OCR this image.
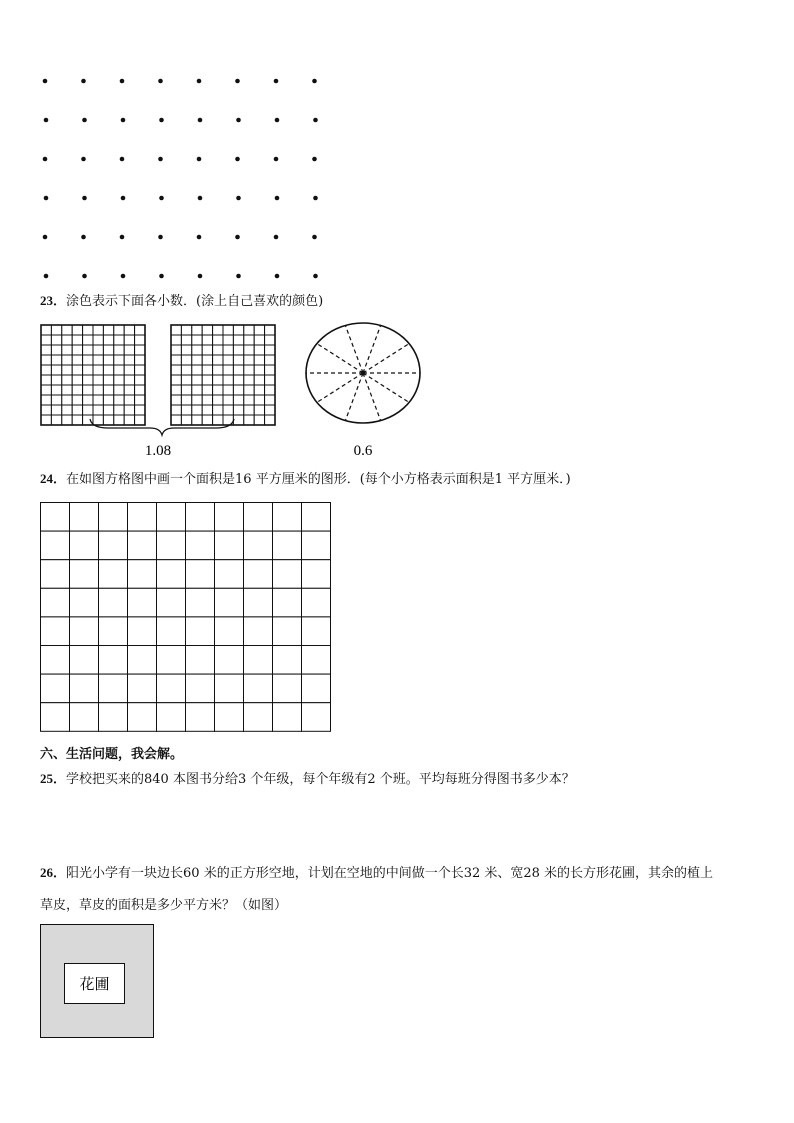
23．涂色表示下面各小数．(涂上自己喜欢的颜色)
1.08	0.6
24．在如图方格图中画一个面积是16 平方厘米的图形．(每个小方格表示面积是1 平方厘米．)
六、生活问题，我会解。
25．学校把买来的840 本图书分给3 个年级，每个年级有2 个班。平均每班分得图书多少本？
26．阳光小学有一块边长60 米的正方形空地，计划在空地的中间做一个长32 米、宽28 米的长方形花圃，其余的植上
草皮，草皮的面积是多少平方米？（如图）
花圃
